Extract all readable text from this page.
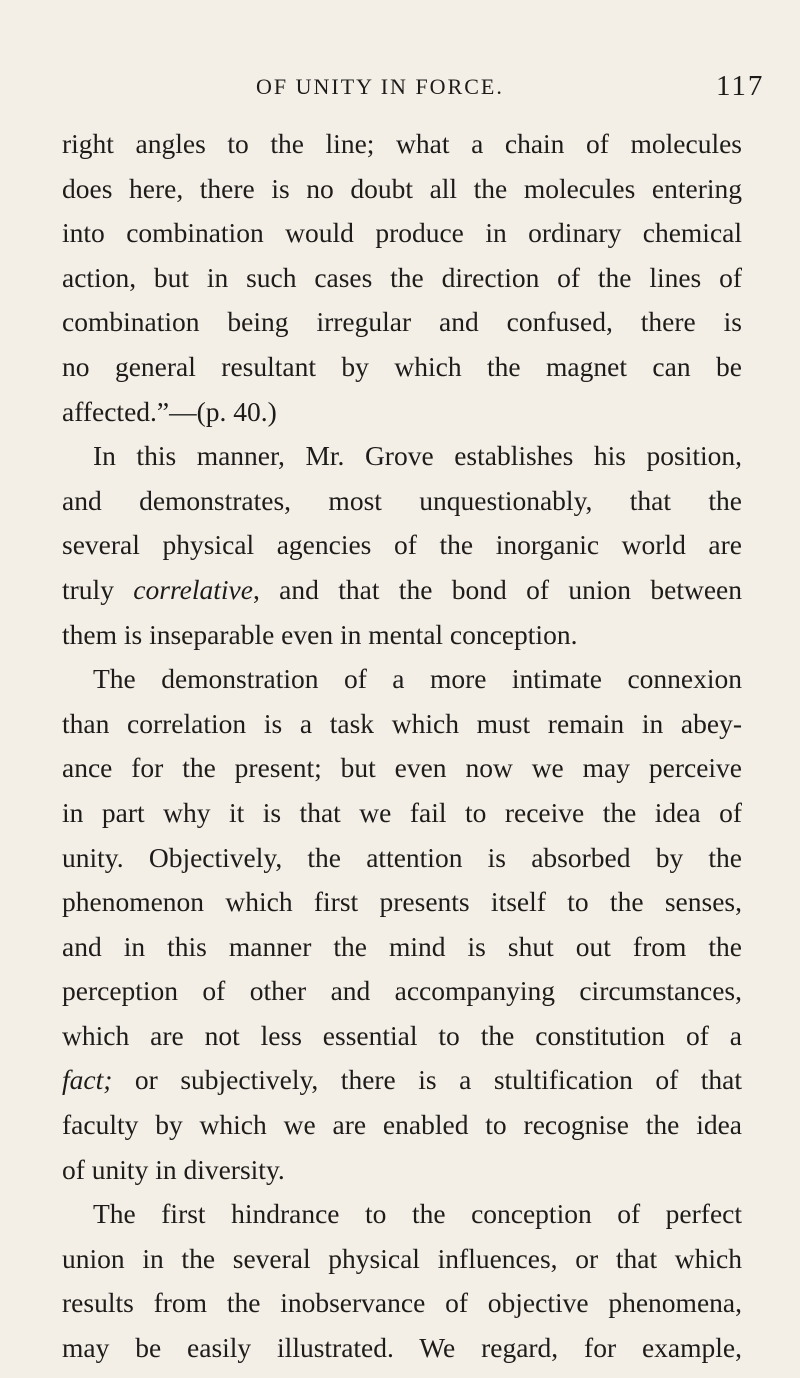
OF UNITY IN FORCE.	117
right angles to the line; what a chain of molecules
does here, there is no doubt all the molecules entering
into combination would produce in ordinary chemical
action, but in such cases the direction of the lines of
combination being irregular and confused, there is
no general resultant by which the magnet can be
affected.”—(p. 40.)
In this manner, Mr. Grove establishes his position,
and demonstrates, most unquestionably, that the
several physical agencies of the inorganic world are
truly correlative, and that the bond of union between
them is inseparable even in mental conception.
The demonstration of a more intimate connexion
than correlation is a task which must remain in abey-
ance for the present; but even now we may perceive
in part why it is that we fail to receive the idea of
unity. Objectively, the attention is absorbed by the
phenomenon which first presents itself to the senses,
and in this manner the mind is shut out from the
perception of other and accompanying circumstances,
which are not less essential to the constitution of a
fact; or subjectively, there is a stultification of that
faculty by which we are enabled to recognise the idea
of unity in diversity.
The first hindrance to the conception of perfect
union in the several physical influences, or that which
results from the inobservance of objective phenomena,
may be easily illustrated. We regard, for example,
